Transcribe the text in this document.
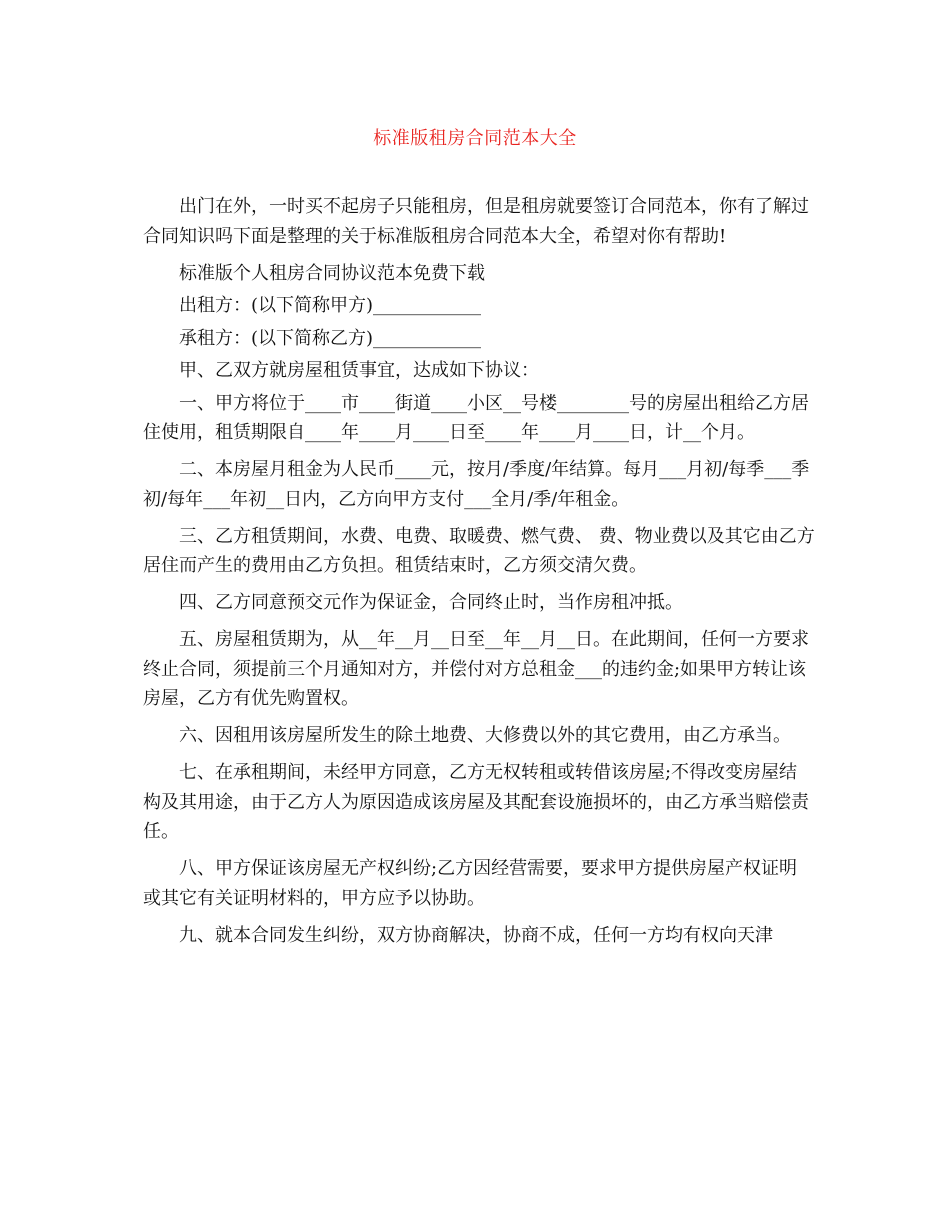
标准版租房合同范本大全

出门在外，一时买不起房子只能租房，但是租房就要签订合同范本，你有了解过合同知识吗下面是整理的关于标准版租房合同范本大全，希望对你有帮助!

标准版个人租房合同协议范本免费下载

出租方：(以下简称甲方)____________

承租方：(以下简称乙方)____________

甲、乙双方就房屋租赁事宜，达成如下协议：

一、甲方将位于____市____街道____小区__号楼________号的房屋出租给乙方居住使用，租赁期限自____年____月____日至____年____月____日，计__个月。

二、本房屋月租金为人民币____元，按月/季度/年结算。每月___月初/每季___季初/每年___年初__日内，乙方向甲方支付___全月/季/年租金。

三、乙方租赁期间，水费、电费、取暖费、燃气费、 费、物业费以及其它由乙方居住而产生的费用由乙方负担。租赁结束时，乙方须交清欠费。

四、乙方同意预交元作为保证金，合同终止时，当作房租冲抵。

五、房屋租赁期为，从__年__月__日至__年__月__日。在此期间，任何一方要求终止合同，须提前三个月通知对方，并偿付对方总租金___的违约金;如果甲方转让该房屋，乙方有优先购置权。

六、因租用该房屋所发生的除土地费、大修费以外的其它费用，由乙方承当。

七、在承租期间，未经甲方同意，乙方无权转租或转借该房屋;不得改变房屋结构及其用途，由于乙方人为原因造成该房屋及其配套设施损坏的，由乙方承当赔偿责任。

八、甲方保证该房屋无产权纠纷;乙方因经营需要，要求甲方提供房屋产权证明或其它有关证明材料的，甲方应予以协助。

九、就本合同发生纠纷，双方协商解决，协商不成，任何一方均有权向天津
